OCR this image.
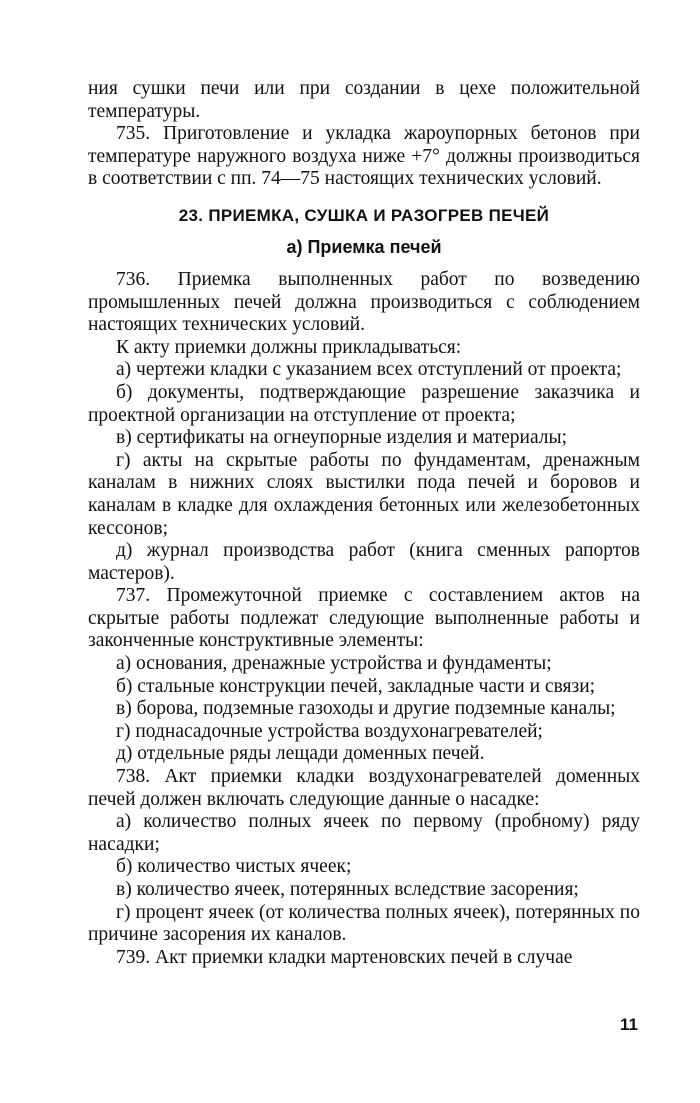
ния сушки печи или при создании в цехе положительной температуры.

735. Приготовление и укладка жароупорных бетонов при температуре наружного воздуха ниже +7° должны производиться в соответствии с пп. 74—75 настоящих технических условий.

23. ПРИЕМКА, СУШКА И РАЗОГРЕВ ПЕЧЕЙ
а) Приемка печей

736. Приемка выполненных работ по возведению промышленных печей должна производиться с соблюдением настоящих технических условий.

К акту приемки должны прикладываться:

а) чертежи кладки с указанием всех отступлений от проекта;

б) документы, подтверждающие разрешение заказчика и проектной организации на отступление от проекта;

в) сертификаты на огнеупорные изделия и материалы;

г) акты на скрытые работы по фундаментам, дренажным каналам в нижних слоях выстилки пода печей и боровов и каналам в кладке для охлаждения бетонных или железобетонных кессонов;

д) журнал производства работ (книга сменных рапортов мастеров).

737. Промежуточной приемке с составлением актов на скрытые работы подлежат следующие выполненные работы и законченные конструктивные элементы:

а) основания, дренажные устройства и фундаменты;

б) стальные конструкции печей, закладные части и связи;

в) борова, подземные газоходы и другие подземные каналы;

г) поднасадочные устройства воздухонагревателей;

д) отдельные ряды лещади доменных печей.

738. Акт приемки кладки воздухонагревателей доменных печей должен включать следующие данные о насадке:

а) количество полных ячеек по первому (пробному) ряду насадки;

б) количество чистых ячеек;

в) количество ячеек, потерянных вследствие засорения;

г) процент ячеек (от количества полных ячеек), потерянных по причине засорения их каналов.

739. Акт приемки кладки мартеновских печей в случае

11
